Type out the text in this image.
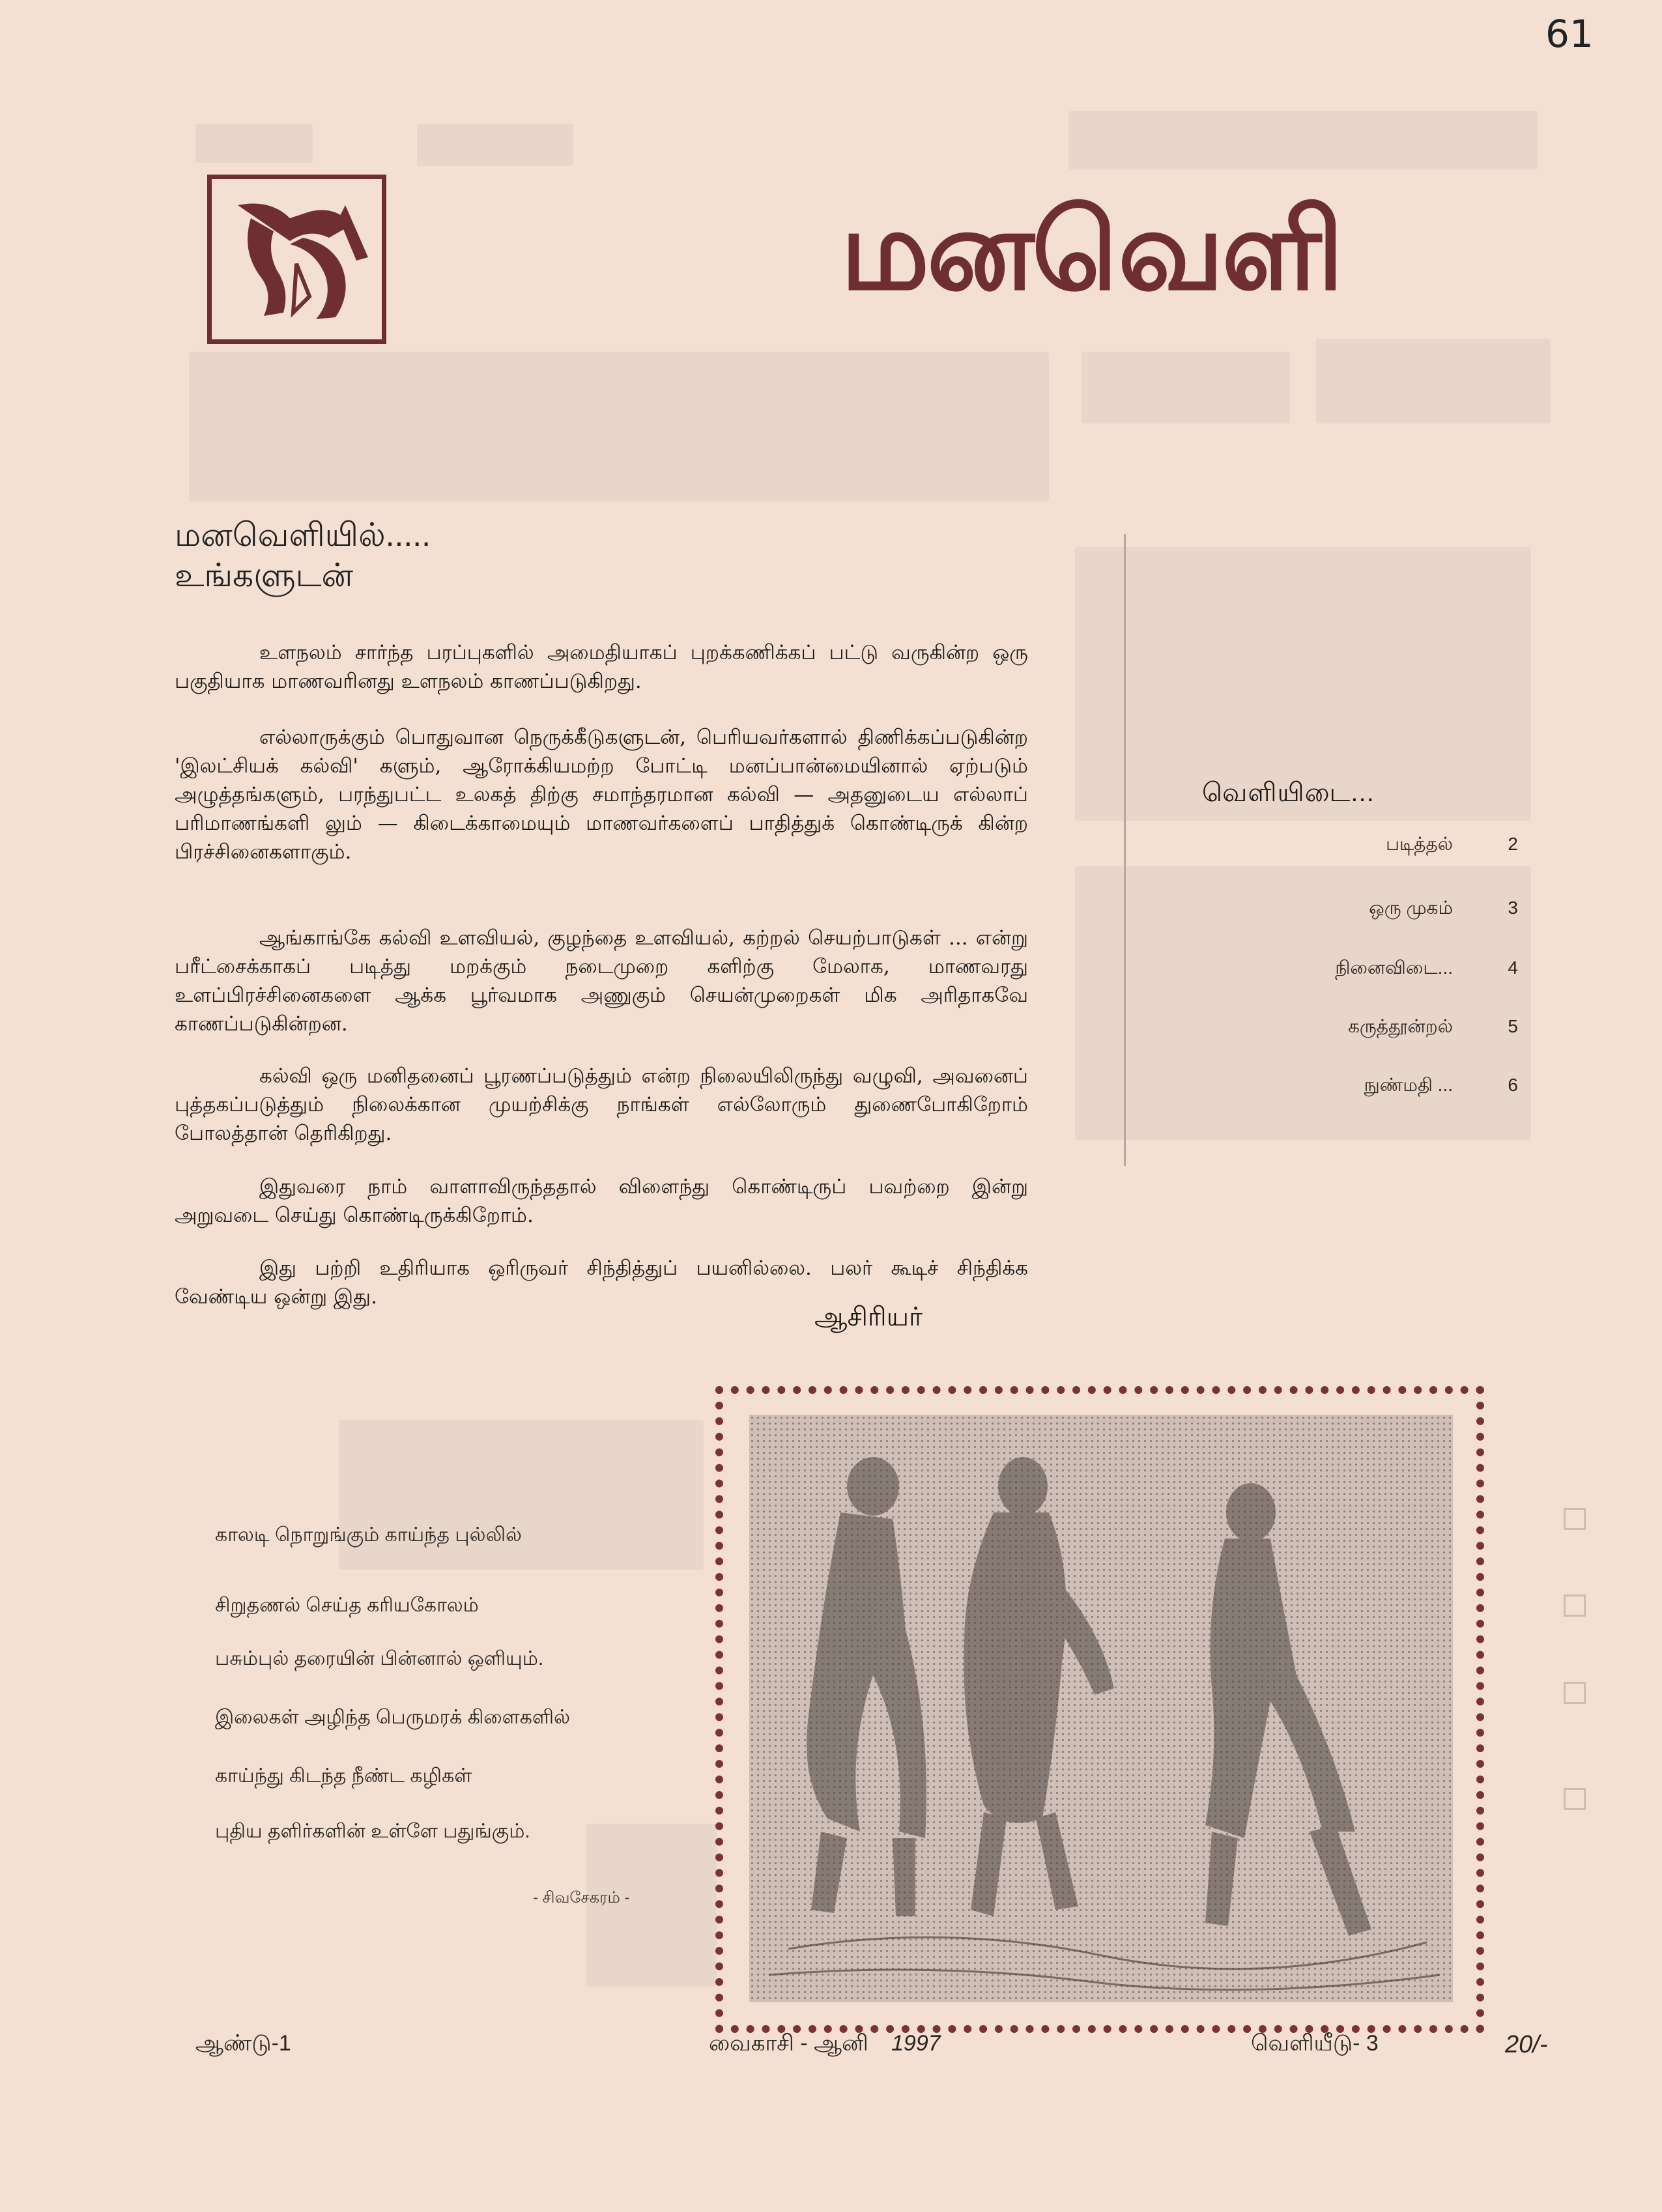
61
மனவெளி
மனவெளியில்.....
உங்களுடன்
உளநலம் சார்ந்த பரப்புகளில் அமைதியாகப் புறக்கணிக்கப் பட்டு வருகின்ற ஒரு பகுதியாக மாணவரினது உளநலம் காணப்படுகிறது.
எல்லாருக்கும் பொதுவான நெருக்கீடுகளுடன், பெரியவர்களால் திணிக்கப்படுகின்ற 'இலட்சியக் கல்வி' களும், ஆரோக்கியமற்ற போட்டி மனப்பான்மையினால் ஏற்படும் அழுத்தங்களும், பரந்துபட்ட உலகத் திற்கு சமாந்தரமான கல்வி — அதனுடைய எல்லாப் பரிமாணங்களி லும் — கிடைக்காமையும் மாணவர்களைப் பாதித்துக் கொண்டிருக் கின்ற பிரச்சினைகளாகும்.
ஆங்காங்கே கல்வி உளவியல், குழந்தை உளவியல், கற்றல் செயற்பாடுகள் ... என்று பரீட்சைக்காகப் படித்து மறக்கும் நடைமுறை களிற்கு மேலாக, மாணவரது உளப்பிரச்சினைகளை ஆக்க பூர்வமாக அணுகும் செயன்முறைகள் மிக அரிதாகவே காணப்படுகின்றன.
கல்வி ஒரு மனிதனைப் பூரணப்படுத்தும் என்ற நிலையிலிருந்து வழுவி, அவனைப் புத்தகப்படுத்தும் நிலைக்கான முயற்சிக்கு நாங்கள் எல்லோரும் துணைபோகிறோம் போலத்தான் தெரிகிறது.
இதுவரை நாம் வாளாவிருந்ததால் விளைந்து கொண்டிருப் பவற்றை இன்று அறுவடை செய்து கொண்டிருக்கிறோம்.
இது பற்றி உதிரியாக ஒரிருவர் சிந்தித்துப் பயனில்லை. பலர் கூடிச் சிந்திக்க வேண்டிய ஒன்று இது.
ஆசிரியர்
வெளியிடை...
படித்தல்	2
ஒரு முகம்	3
நினைவிடை...	4
கருத்தூன்றல்	5
நுண்மதி ...	6
காலடி நொறுங்கும் காய்ந்த புல்லில்
சிறுதணல் செய்த கரியகோலம்
பசும்புல் தரையின் பின்னால் ஒளியும்.
இலைகள் அழிந்த பெருமரக் கிளைகளில்
காய்ந்து கிடந்த நீண்ட கழிகள்
புதிய தளிர்களின் உள்ளே பதுங்கும்.
- சிவசேகரம் -
ஆண்டு-1	வைகாசி - ஆனி 1997	வெளியீடு- 3	20/-
